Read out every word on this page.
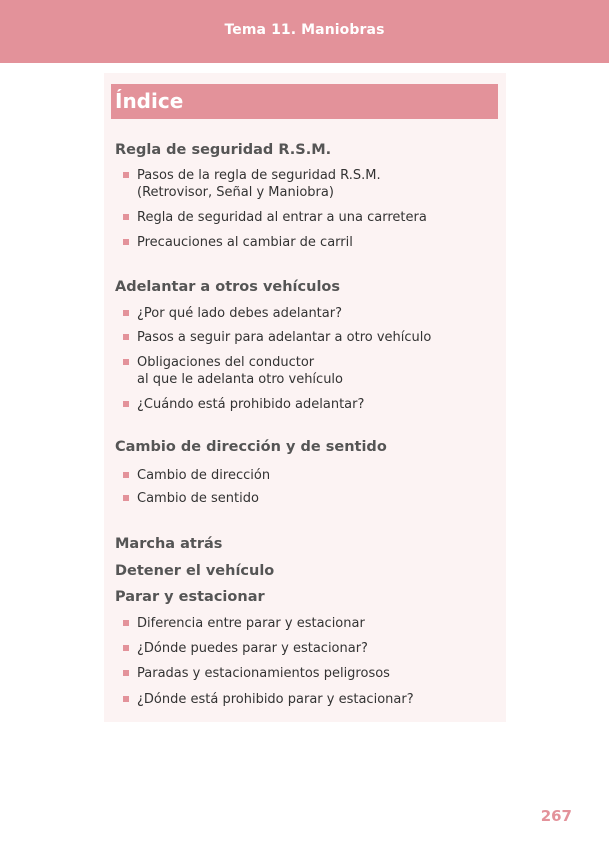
Tema 11. Maniobras
Índice
Regla de seguridad R.S.M.
Pasos de la regla de seguridad R.S.M.
(Retrovisor, Señal y Maniobra)
Regla de seguridad al entrar a una carretera
Precauciones al cambiar de carril
Adelantar a otros vehículos
¿Por qué lado debes adelantar?
Pasos a seguir para adelantar a otro vehículo
Obligaciones del conductor
al que le adelanta otro vehículo
¿Cuándo está prohibido adelantar?
Cambio de dirección y de sentido
Cambio de dirección
Cambio de sentido
Marcha atrás
Detener el vehículo
Parar y estacionar
Diferencia entre parar y estacionar
¿Dónde puedes parar y estacionar?
Paradas y estacionamientos peligrosos
¿Dónde está prohibido parar y estacionar?
267
